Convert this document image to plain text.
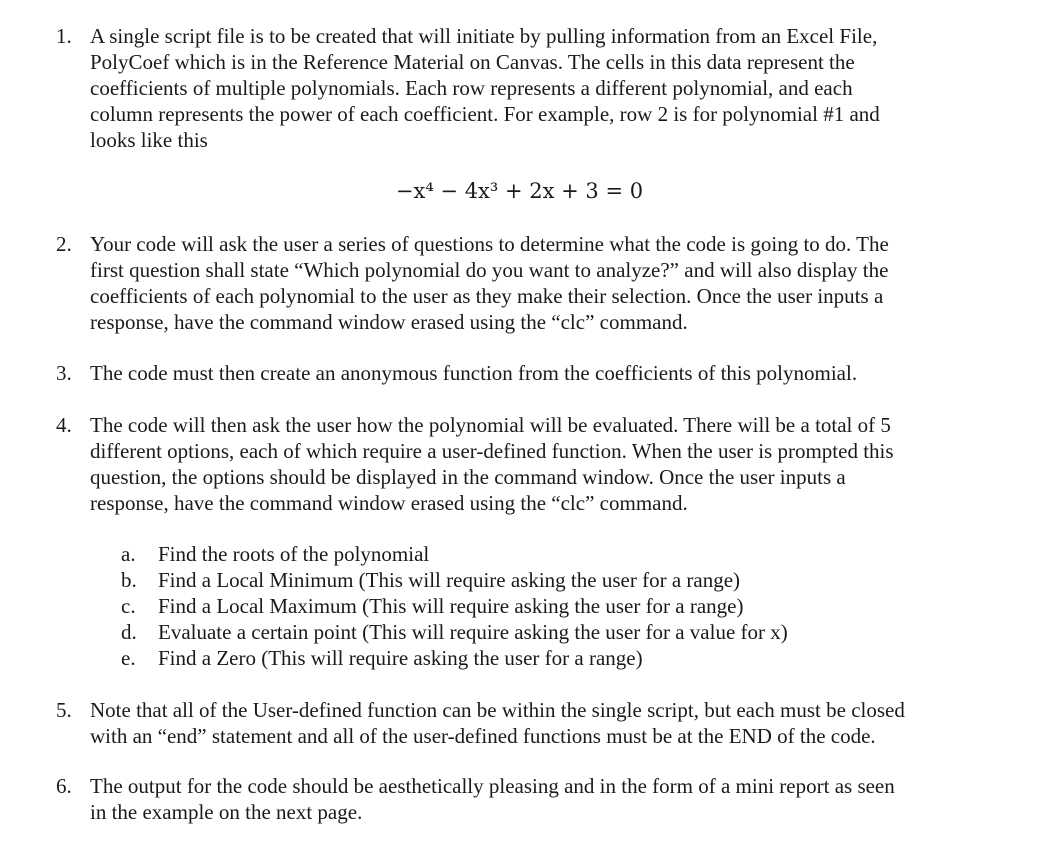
1. A single script file is to be created that will initiate by pulling information from an Excel File,
PolyCoef which is in the Reference Material on Canvas. The cells in this data represent the
coefficients of multiple polynomials. Each row represents a different polynomial, and each
column represents the power of each coefficient. For example, row 2 is for polynomial #1 and
looks like this
−x⁴ − 4x³ + 2x + 3 = 0
2. Your code will ask the user a series of questions to determine what the code is going to do. The
first question shall state “Which polynomial do you want to analyze?” and will also display the
coefficients of each polynomial to the user as they make their selection. Once the user inputs a
response, have the command window erased using the “clc” command.
3. The code must then create an anonymous function from the coefficients of this polynomial.
4. The code will then ask the user how the polynomial will be evaluated. There will be a total of 5
different options, each of which require a user-defined function. When the user is prompted this
question, the options should be displayed in the command window. Once the user inputs a
response, have the command window erased using the “clc” command.
a.	Find the roots of the polynomial
b.	Find a Local Minimum (This will require asking the user for a range)
c.	Find a Local Maximum (This will require asking the user for a range)
d.	Evaluate a certain point (This will require asking the user for a value for x)
e.	Find a Zero (This will require asking the user for a range)
5. Note that all of the User-defined function can be within the single script, but each must be closed
with an “end” statement and all of the user-defined functions must be at the END of the code.
6. The output for the code should be aesthetically pleasing and in the form of a mini report as seen
in the example on the next page.
